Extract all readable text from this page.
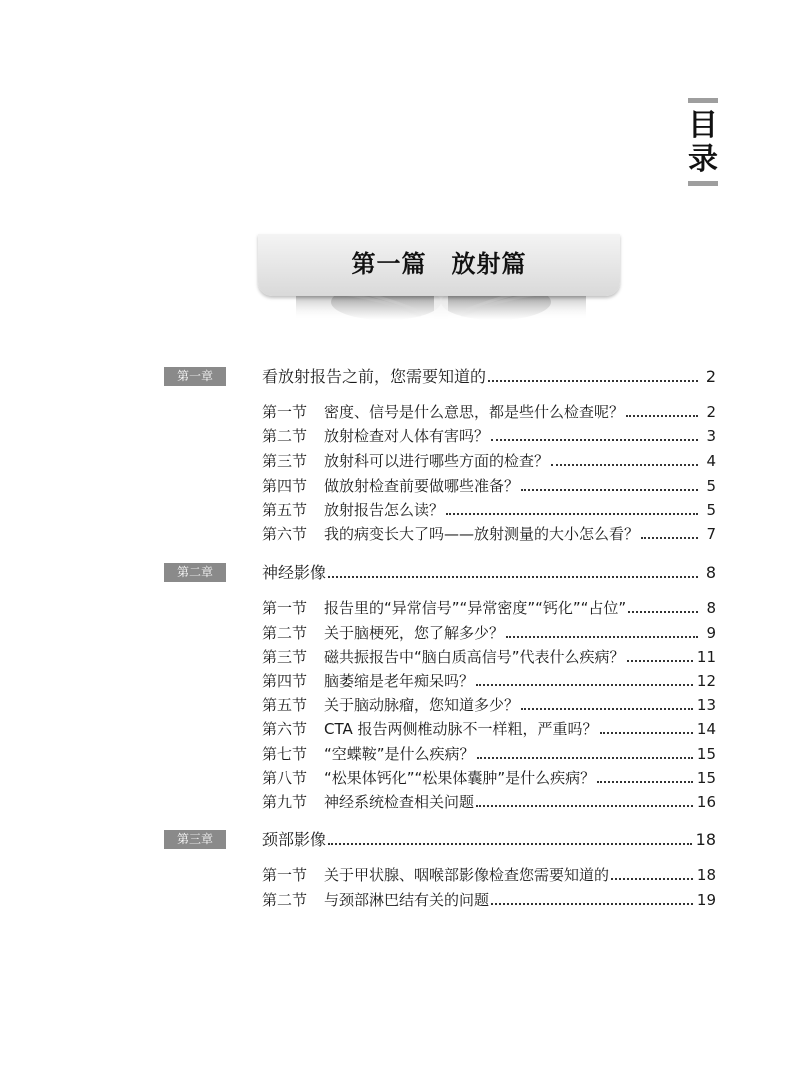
目录
第一篇　放射篇
第一章	看放射报告之前，您需要知道的	2
第一节	密度、信号是什么意思，都是些什么检查呢？	2
第二节	放射检查对人体有害吗？	3
第三节	放射科可以进行哪些方面的检查？	4
第四节	做放射检查前要做哪些准备？	5
第五节	放射报告怎么读？	5
第六节	我的病变长大了吗——放射测量的大小怎么看？	7
第二章	神经影像	8
第一节	报告里的“异常信号”“异常密度”“钙化”“占位”	8
第二节	关于脑梗死，您了解多少？	9
第三节	磁共振报告中“脑白质高信号”代表什么疾病？	11
第四节	脑萎缩是老年痴呆吗？	12
第五节	关于脑动脉瘤，您知道多少？	13
第六节	CTA 报告两侧椎动脉不一样粗，严重吗？	14
第七节	“空蝶鞍”是什么疾病？	15
第八节	“松果体钙化”“松果体囊肿”是什么疾病？	15
第九节	神经系统检查相关问题	16
第三章	颈部影像	18
第一节	关于甲状腺、咽喉部影像检查您需要知道的	18
第二节	与颈部淋巴结有关的问题	19
